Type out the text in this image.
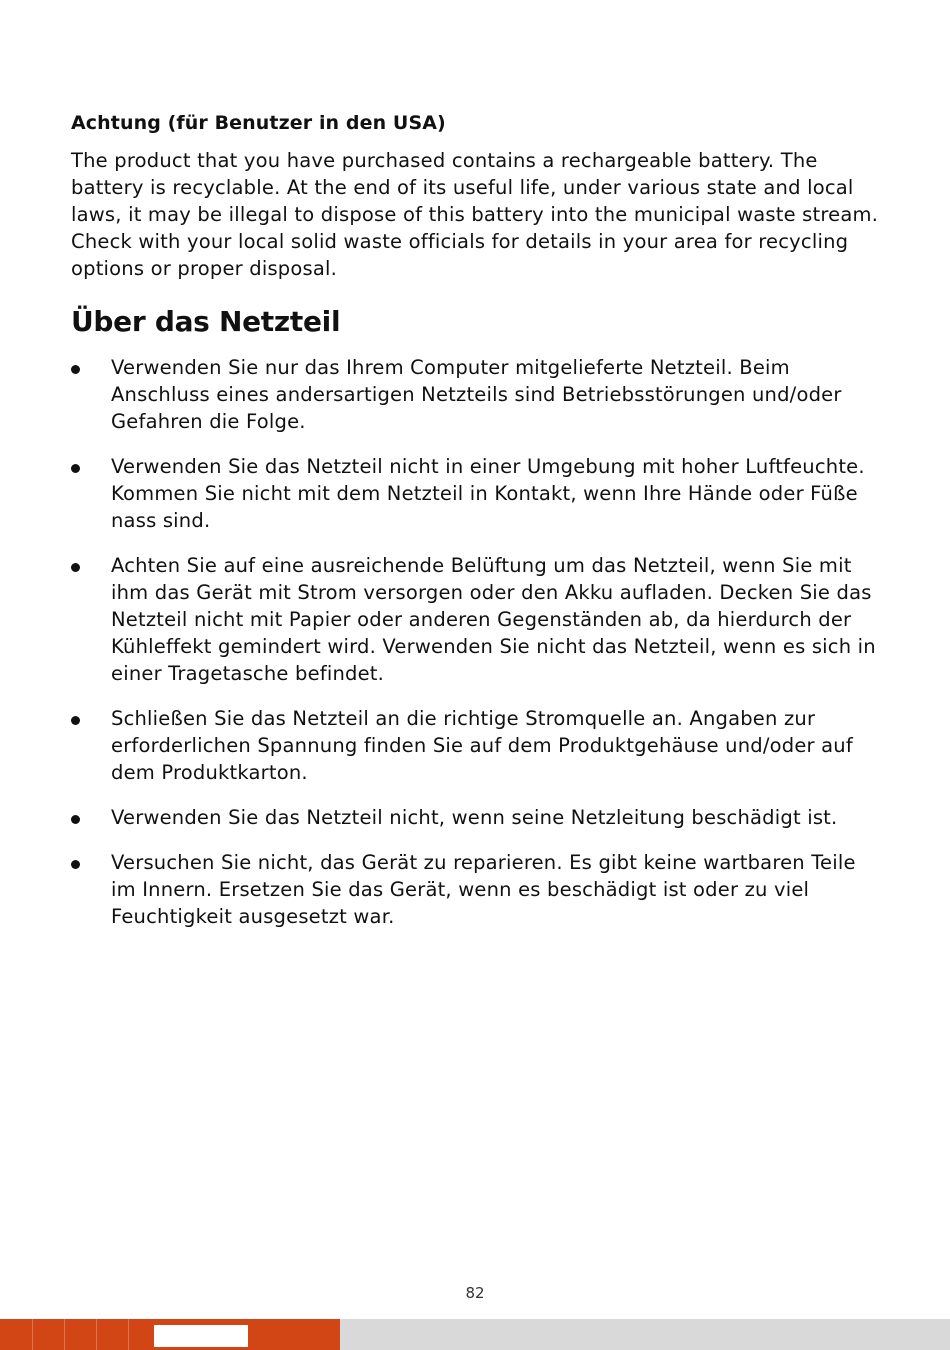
Achtung (für Benutzer in den USA)

The product that you have purchased contains a rechargeable battery. The battery is recyclable. At the end of its useful life, under various state and local laws, it may be illegal to dispose of this battery into the municipal waste stream. Check with your local solid waste officials for details in your area for recycling options or proper disposal.

Über das Netzteil
Verwenden Sie nur das Ihrem Computer mitgelieferte Netzteil. Beim Anschluss eines andersartigen Netzteils sind Betriebsstörungen und/oder Gefahren die Folge.
Verwenden Sie das Netzteil nicht in einer Umgebung mit hoher Luftfeuchte. Kommen Sie nicht mit dem Netzteil in Kontakt, wenn Ihre Hände oder Füße nass sind.
Achten Sie auf eine ausreichende Belüftung um das Netzteil, wenn Sie mit ihm das Gerät mit Strom versorgen oder den Akku aufladen. Decken Sie das Netzteil nicht mit Papier oder anderen Gegenständen ab, da hierdurch der Kühleffekt gemindert wird. Verwenden Sie nicht das Netzteil, wenn es sich in einer Tragetasche befindet.
Schließen Sie das Netzteil an die richtige Stromquelle an. Angaben zur erforderlichen Spannung finden Sie auf dem Produktgehäuse und/oder auf dem Produktkarton.
Verwenden Sie das Netzteil nicht, wenn seine Netzleitung beschädigt ist.
Versuchen Sie nicht, das Gerät zu reparieren. Es gibt keine wartbaren Teile im Innern. Ersetzen Sie das Gerät, wenn es beschädigt ist oder zu viel Feuchtigkeit ausgesetzt war.
82
